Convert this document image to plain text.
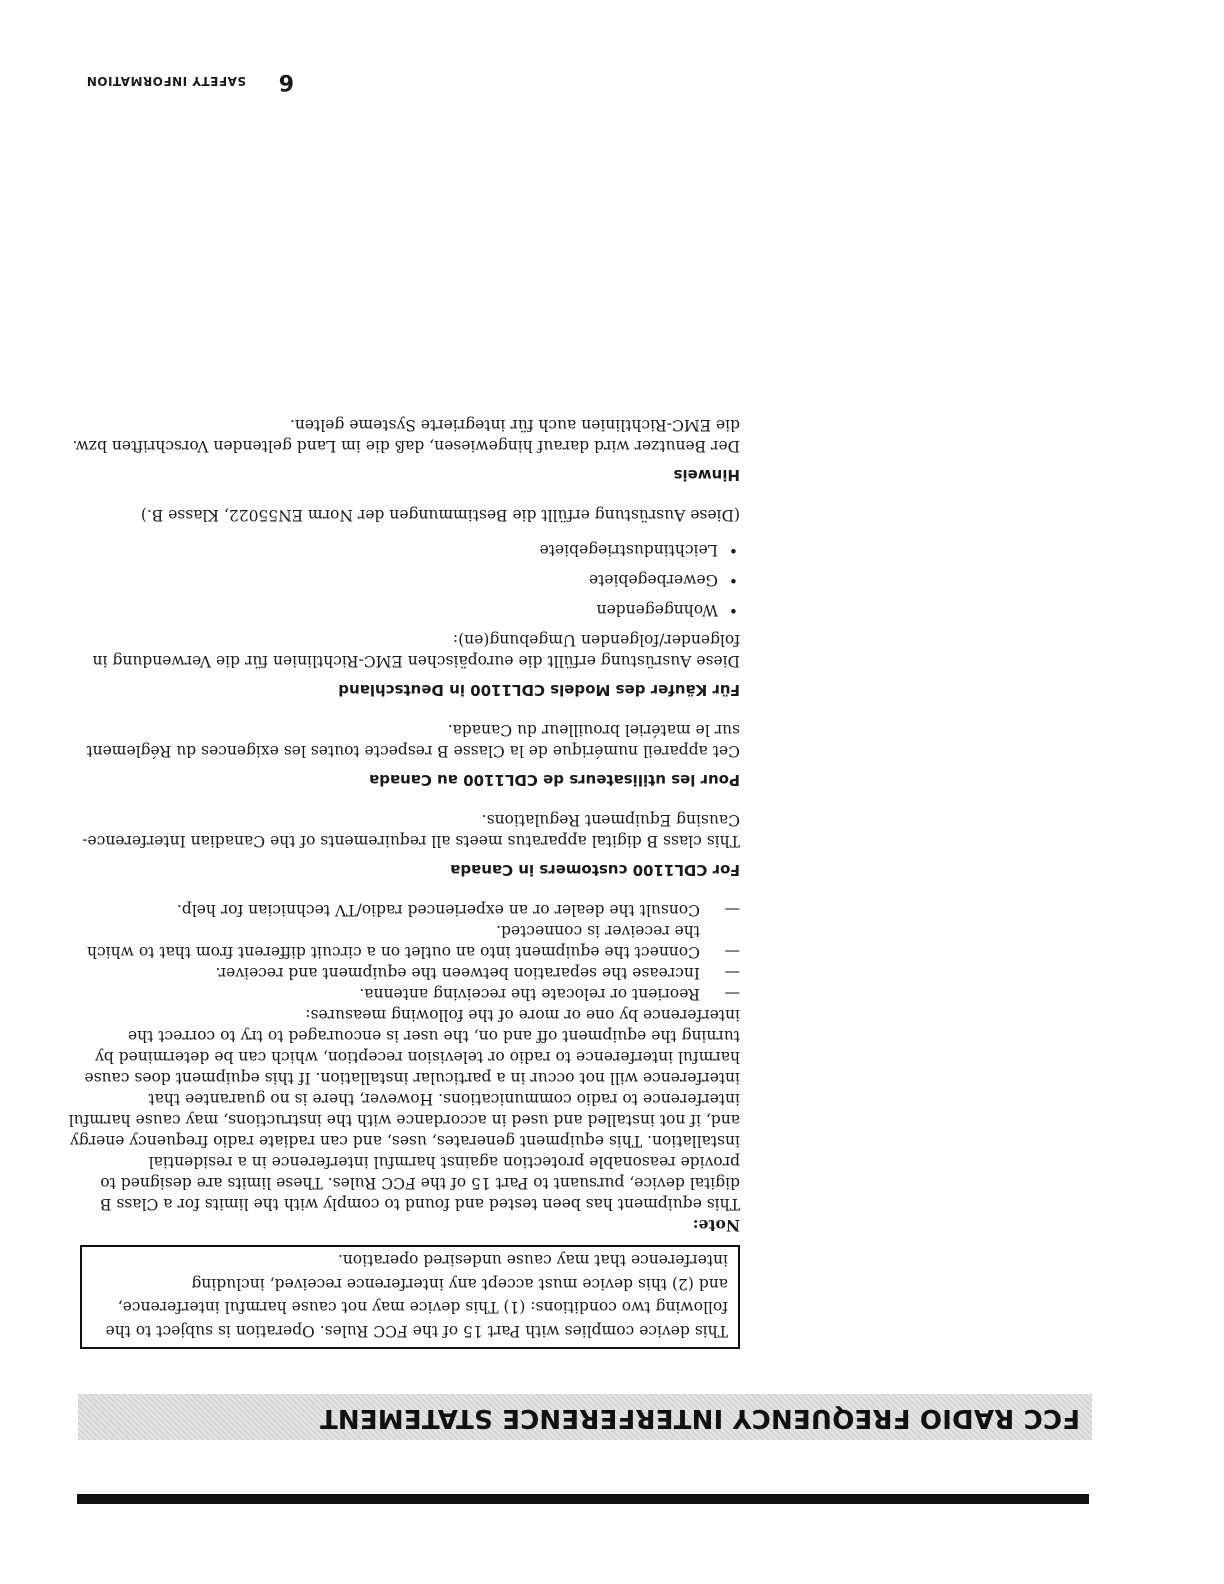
FCC RADIO FREQUENCY INTERFERENCE STATEMENT

This device complies with Part 15 of the FCC Rules. Operation is subject to the following two conditions: (1) This device may not cause harmful interference, and (2) this device must accept any interference received, including interference that may cause undesired operation.

Note:

This equipment has been tested and found to comply with the limits for a Class B digital device, pursuant to Part 15 of the FCC Rules. These limits are designed to provide reasonable protection against harmful interference in a residential installation. This equipment generates, uses, and can radiate radio frequency energy and, if not installed and used in accordance with the instructions, may cause harmful interference to radio communications. However, there is no guarantee that interference will not occur in a particular installation. If this equipment does cause harmful interference to radio or television reception, which can be determined by turning the equipment off and on, the user is encouraged to try to correct the interference by one or more of the following measures:

— Reorient or relocate the receiving antenna.
— Increase the separation between the equipment and receiver.
— Connect the equipment into an outlet on a circuit different from that to which the receiver is connected.
— Consult the dealer or an experienced radio/TV technician for help.
For CDL1100 customers in Canada

This class B digital apparatus meets all requirements of the Canadian Interference-Causing Equipment Regulations.

Pour les utilisateurs de CDL1100 au Canada

Cet appareil numérique de la Classe B respecte toutes les exigences du Réglement sur le matériel brouilleur du Canada.

Für Käufer des Models CDL1100 in Deutschland

Diese Ausrüstung erfüllt die europäischen EMC-Richtlinien für die Verwendung in folgender/folgenden Umgebung(en):

• Wohngegenden
• Gewerbegebiete
• Leichtindustriegebiete

(Diese Ausrüstung erfüllt die Bestimmungen der Norm EN55022, Klasse B.)

Hinweis

Der Benutzer wird darauf hingewiesen, daß die im Land geltenden Vorschriften bzw. die EMC-Richtlinien auch für integrierte Systeme gelten.

6

SAFETY INFORMATION
